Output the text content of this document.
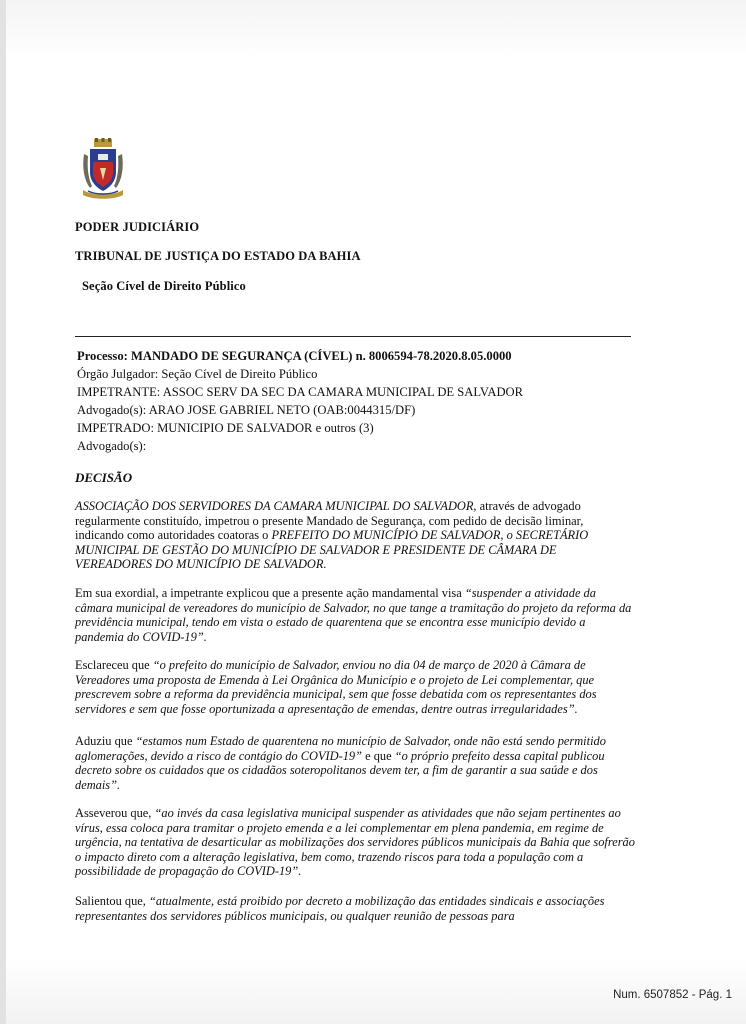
PODER JUDICIÁRIO
TRIBUNAL DE JUSTIÇA DO ESTADO DA BAHIA
Seção Cível de Direito Público
Processo: MANDADO DE SEGURANÇA (CÍVEL) n. 8006594-78.2020.8.05.0000
Órgão Julgador: Seção Cível de Direito Público
IMPETRANTE: ASSOC SERV DA SEC DA CAMARA MUNICIPAL DE SALVADOR
Advogado(s): ARAO JOSE GABRIEL NETO (OAB:0044315/DF)
IMPETRADO: MUNICIPIO DE SALVADOR e outros (3)
Advogado(s):
DECISÃO
ASSOCIAÇÃO DOS SERVIDORES DA CAMARA MUNICIPAL DO SALVADOR, através de advogado regularmente constituído, impetrou o presente Mandado de Segurança, com pedido de decisão liminar, indicando como autoridades coatoras o PREFEITO DO MUNICÍPIO DE SALVADOR, o SECRETÁRIO MUNICIPAL DE GESTÃO DO MUNICÍPIO DE SALVADOR E PRESIDENTE DE CÂMARA DE VEREADORES DO MUNICÍPIO DE SALVADOR.
Em sua exordial, a impetrante explicou que a presente ação mandamental visa “suspender a atividade da câmara municipal de vereadores do município de Salvador, no que tange a tramitação do projeto da reforma da previdência municipal, tendo em vista o estado de quarentena que se encontra esse município devido a pandemia do COVID-19”.
Esclareceu que “o prefeito do município de Salvador, enviou no dia 04 de março de 2020 à Câmara de Vereadores uma proposta de Emenda à Lei Orgânica do Município e o projeto de Lei complementar, que prescrevem sobre a reforma da previdência municipal, sem que fosse debatida com os representantes dos servidores e sem que fosse oportunizada a apresentação de emendas, dentre outras irregularidades”.
Aduziu que “estamos num Estado de quarentena no município de Salvador, onde não está sendo permitido aglomerações, devido a risco de contágio do COVID-19” e que “o próprio prefeito dessa capital publicou decreto sobre os cuidados que os cidadãos soteropolitanos devem ter, a fim de garantir a sua saúde e dos demais”.
Asseverou que, “ao invés da casa legislativa municipal suspender as atividades que não sejam pertinentes ao vírus, essa coloca para tramitar o projeto emenda e a lei complementar em plena pandemia, em regime de urgência, na tentativa de desarticular as mobilizações dos servidores públicos municipais da Bahia que sofrerão o impacto direto com a alteração legislativa, bem como, trazendo riscos para toda a população com a possibilidade de propagação do COVID-19”.
Salientou que, “atualmente, está proibido por decreto a mobilização das entidades sindicais e associações representantes dos servidores públicos municipais, ou qualquer reunião de pessoas para
Num. 6507852 - Pág. 1
